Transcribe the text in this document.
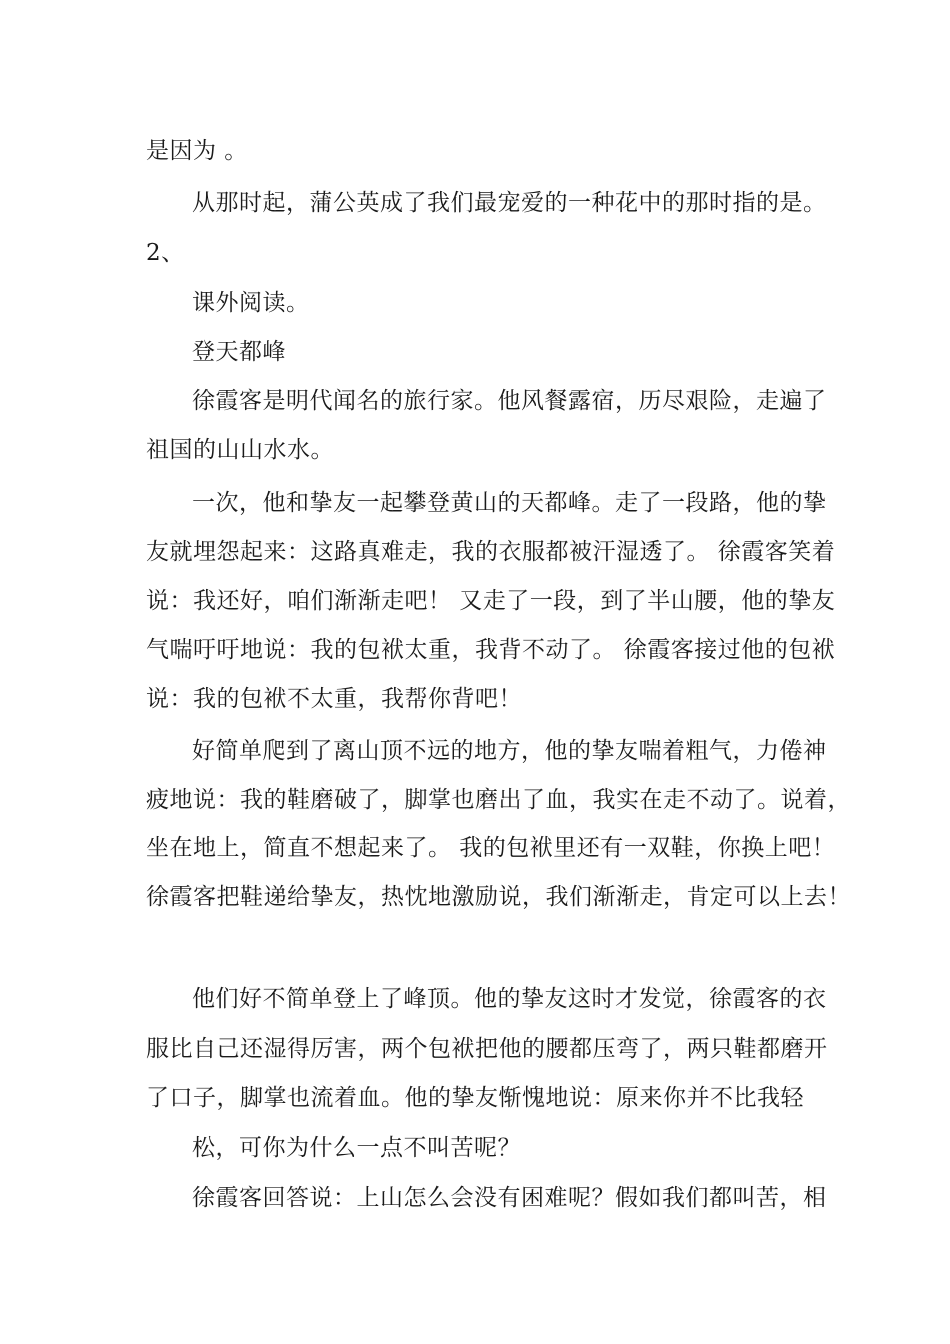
是因为 。
从那时起，蒲公英成了我们最宠爱的一种花中的那时指的是。
2、
课外阅读。
登天都峰
徐霞客是明代闻名的旅行家。他风餐露宿，历尽艰险，走遍了
祖国的山山水水。
一次，他和挚友一起攀登黄山的天都峰。走了一段路，他的挚
友就埋怨起来：这路真难走，我的衣服都被汗湿透了。 徐霞客笑着
说：我还好，咱们渐渐走吧！ 又走了一段，到了半山腰，他的挚友
气喘吁吁地说：我的包袱太重，我背不动了。 徐霞客接过他的包袱
说：我的包袱不太重，我帮你背吧！
好简单爬到了离山顶不远的地方，他的挚友喘着粗气，力倦神
疲地说：我的鞋磨破了，脚掌也磨出了血，我实在走不动了。说着，
坐在地上，简直不想起来了。 我的包袱里还有一双鞋，你换上吧！
徐霞客把鞋递给挚友，热忱地激励说，我们渐渐走，肯定可以上去！
他们好不简单登上了峰顶。他的挚友这时才发觉，徐霞客的衣
服比自己还湿得厉害，两个包袱把他的腰都压弯了，两只鞋都磨开
了口子，脚掌也流着血。他的挚友惭愧地说：原来你并不比我轻
松，可你为什么一点不叫苦呢？
徐霞客回答说：上山怎么会没有困难呢？假如我们都叫苦，相
